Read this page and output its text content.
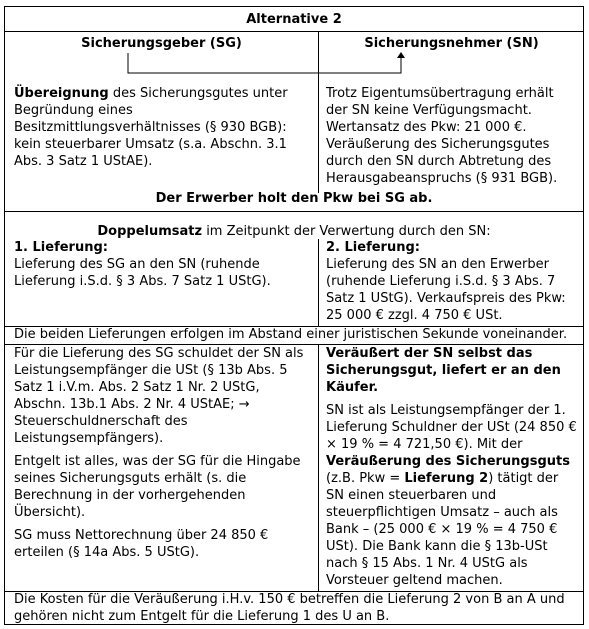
Alternative 2
Sicherungsgeber (SG)	Sicherungsnehmer (SN)
Übereignung des Sicherungsgutes unter Begründung eines Besitzmittlungsverhältnisses (§ 930 BGB): kein steuerbarer Umsatz (s.a. Abschn. 3.1 Abs. 3 Satz 1 UStAE).
Trotz Eigentumsübertragung erhält der SN keine Verfügungsmacht. Wertansatz des Pkw: 21 000 €. Veräußerung des Sicherungsgutes durch den SN durch Abtretung des Herausgabeanspruchs (§ 931 BGB).
Der Erwerber holt den Pkw bei SG ab.
Doppelumsatz im Zeitpunkt der Verwertung durch den SN:

1. Lieferung:

Lieferung des SG an den SN (ruhende Lieferung i.S.d. § 3 Abs. 7 Satz 1 UStG).

2. Lieferung:

Lieferung des SN an den Erwerber (ruhende Lieferung i.S.d. § 3 Abs. 7 Satz 1 UStG). Verkaufspreis des Pkw: 25 000 € zzgl. 4 750 € USt.

Die beiden Lieferungen erfolgen im Abstand einer juristischen Sekunde voneinander.

Für die Lieferung des SG schuldet der SN als Leistungsempfänger die USt (§ 13b Abs. 5 Satz 1 i.V.m. Abs. 2 Satz 1 Nr. 2 UStG, Abschn. 13b.1 Abs. 2 Nr. 4 UStAE; → Steuerschuldnerschaft des Leistungsempfängers).

Entgelt ist alles, was der SG für die Hingabe seines Sicherungsguts erhält (s. die Berechnung in der vorhergehenden Übersicht).

SG muss Nettorechnung über 24 850 € erteilen (§ 14a Abs. 5 UStG).

Veräußert der SN selbst das Sicherungsgut, liefert er an den Käufer.

SN ist als Leistungsempfänger der 1. Lieferung Schuldner der USt (24 850 € × 19 % = 4 721,50 €). Mit der Veräußerung des Sicherungsguts (z.B. Pkw = Lieferung 2) tätigt der SN einen steuerbaren und steuerpflichtigen Umsatz – auch als Bank – (25 000 € × 19 % = 4 750 € USt). Die Bank kann die § 13b-USt nach § 15 Abs. 1 Nr. 4 UStG als Vorsteuer geltend machen.

Die Kosten für die Veräußerung i.H.v. 150 € betreffen die Lieferung 2 von B an A und gehören nicht zum Entgelt für die Lieferung 1 des U an B.
